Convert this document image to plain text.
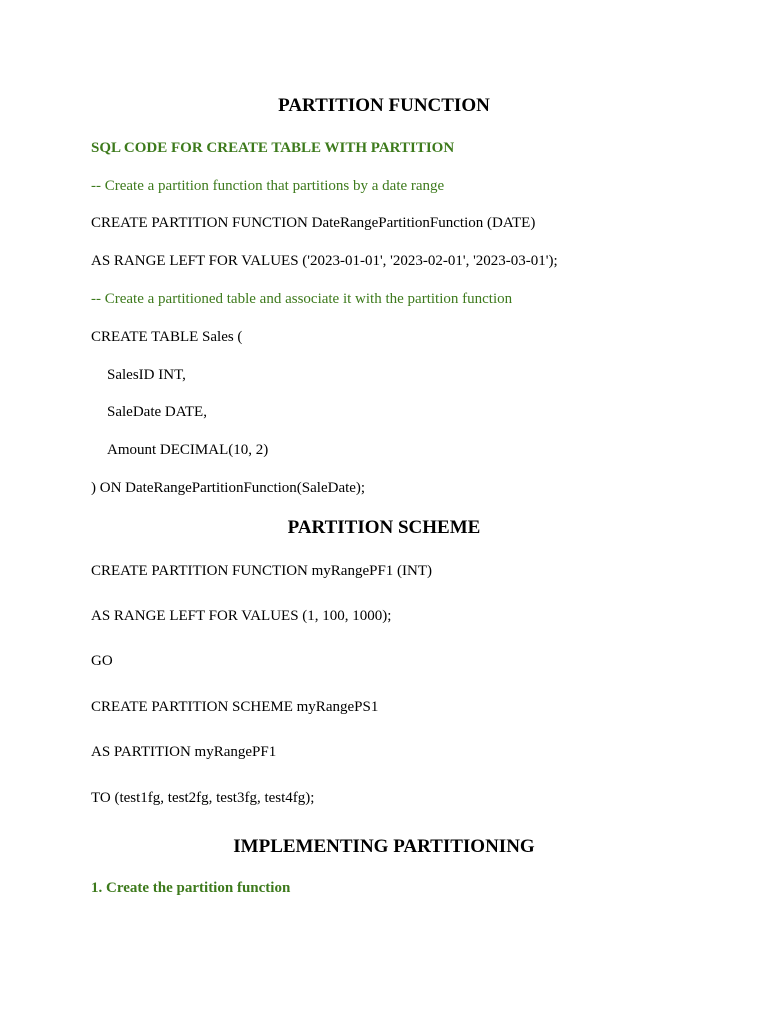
PARTITION FUNCTION
SQL CODE FOR CREATE TABLE WITH PARTITION
-- Create a partition function that partitions by a date range
CREATE PARTITION FUNCTION DateRangePartitionFunction (DATE)
AS RANGE LEFT FOR VALUES ('2023-01-01', '2023-02-01', '2023-03-01');
-- Create a partitioned table and associate it with the partition function
CREATE TABLE Sales (
SalesID INT,
SaleDate DATE,
Amount DECIMAL(10, 2)
) ON DateRangePartitionFunction(SaleDate);
PARTITION SCHEME
CREATE PARTITION FUNCTION myRangePF1 (INT)
AS RANGE LEFT FOR VALUES (1, 100, 1000);
GO
CREATE PARTITION SCHEME myRangePS1
AS PARTITION myRangePF1
TO (test1fg, test2fg, test3fg, test4fg);
IMPLEMENTING PARTITIONING
1. Create the partition function
